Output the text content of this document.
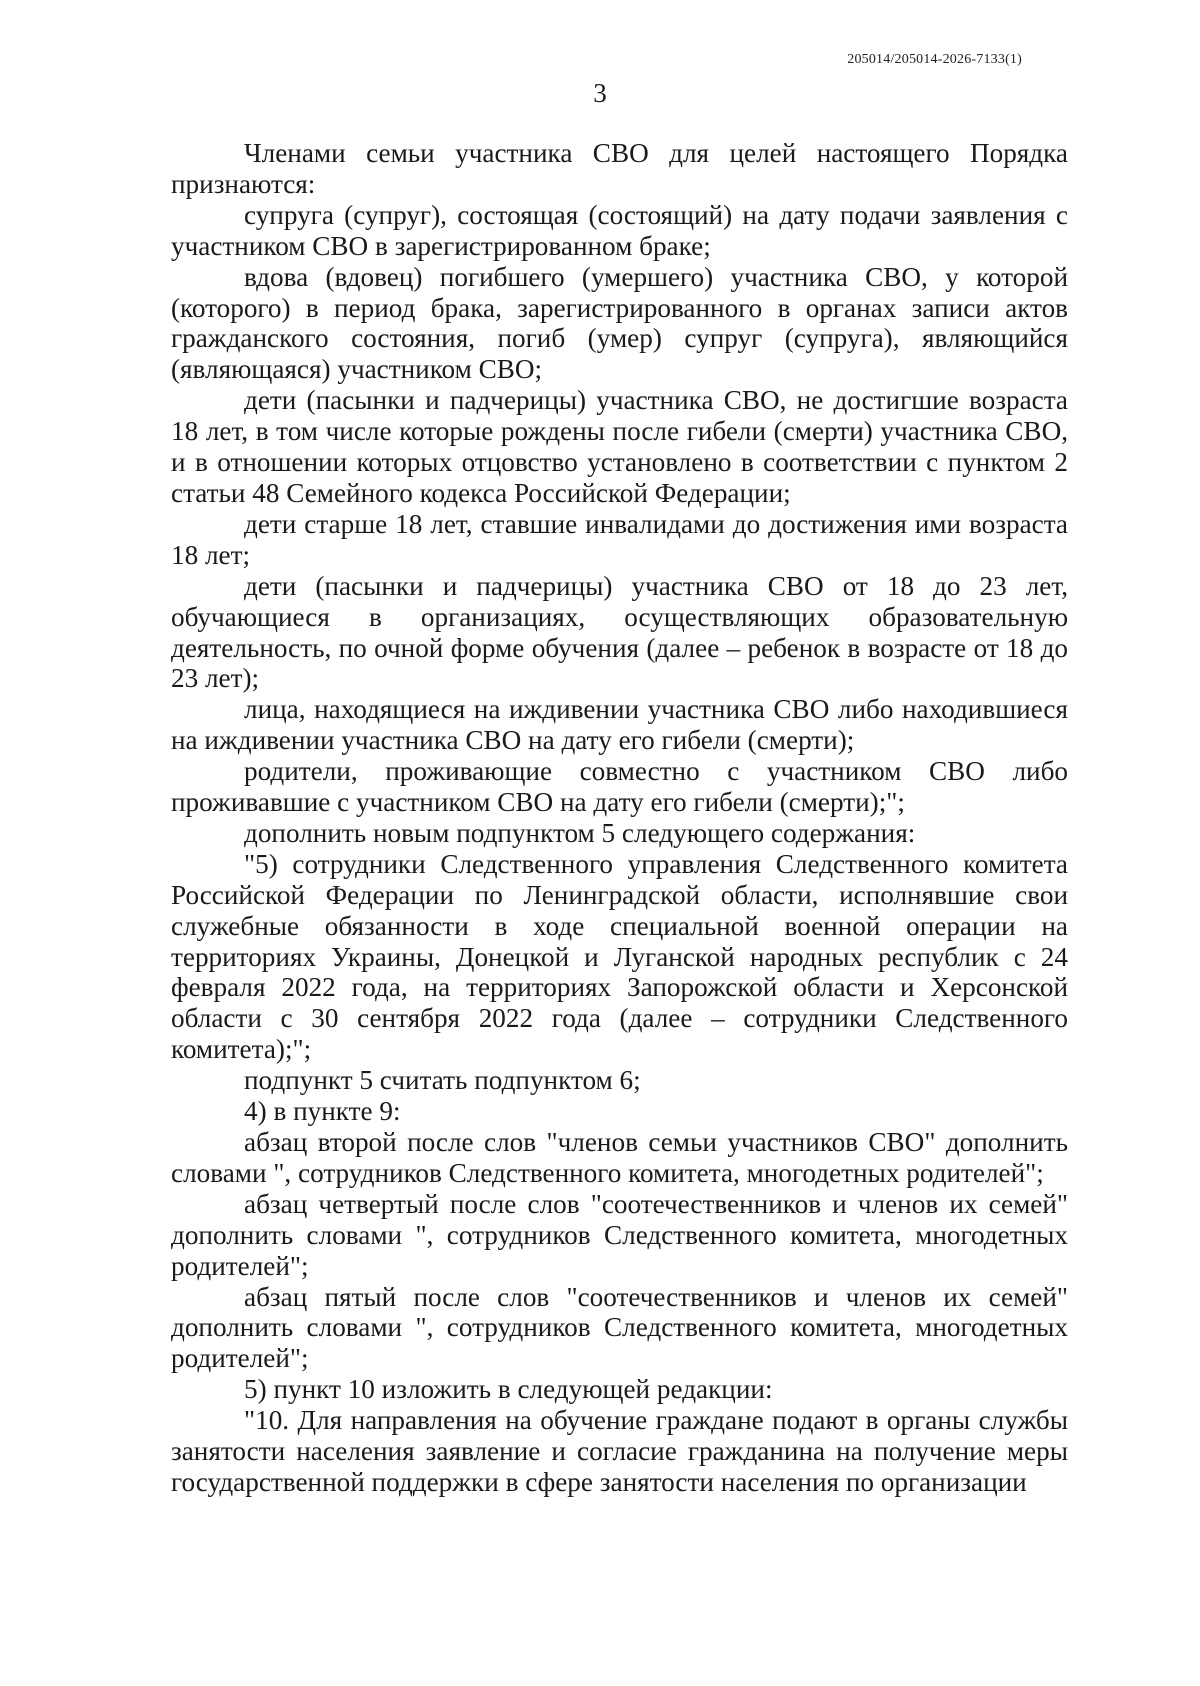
205014/205014-2026-7133(1)
3

Членами семьи участника СВО для целей настоящего Порядка признаются:

супруга (супруг), состоящая (состоящий) на дату подачи заявления с участником СВО в зарегистрированном браке;

вдова (вдовец) погибшего (умершего) участника СВО, у которой (которого) в период брака, зарегистрированного в органах записи актов гражданского состояния, погиб (умер) супруг (супруга), являющийся (являющаяся) участником СВО;

дети (пасынки и падчерицы) участника СВО, не достигшие возраста 18 лет, в том числе которые рождены после гибели (смерти) участника СВО, и в отношении которых отцовство установлено в соответствии с пунктом 2 статьи 48 Семейного кодекса Российской Федерации;

дети старше 18 лет, ставшие инвалидами до достижения ими возраста 18 лет;

дети (пасынки и падчерицы) участника СВО от 18 до 23 лет, обучающиеся в организациях, осуществляющих образовательную деятельность, по очной форме обучения (далее – ребенок в возрасте от 18 до 23 лет);

лица, находящиеся на иждивении участника СВО либо находившиеся на иждивении участника СВО на дату его гибели (смерти);

родители, проживающие совместно с участником СВО либо проживавшие с участником СВО на дату его гибели (смерти);";

дополнить новым подпунктом 5 следующего содержания:

"5) сотрудники Следственного управления Следственного комитета Российской Федерации по Ленинградской области, исполнявшие свои служебные обязанности в ходе специальной военной операции на территориях Украины, Донецкой и Луганской народных республик с 24 февраля 2022 года, на территориях Запорожской области и Херсонской области с 30 сентября 2022 года (далее – сотрудники Следственного комитета);";

подпункт 5 считать подпунктом 6;

4) в пункте 9:

абзац второй после слов "членов семьи участников СВО" дополнить словами ", сотрудников Следственного комитета, многодетных родителей";

абзац четвертый после слов "соотечественников и членов их семей" дополнить словами ", сотрудников Следственного комитета, многодетных родителей";

абзац пятый после слов "соотечественников и членов их семей" дополнить словами ", сотрудников Следственного комитета, многодетных родителей";

5) пункт 10 изложить в следующей редакции:

"10. Для направления на обучение граждане подают в органы службы занятости населения заявление и согласие гражданина на получение меры государственной поддержки в сфере занятости населения по организации
